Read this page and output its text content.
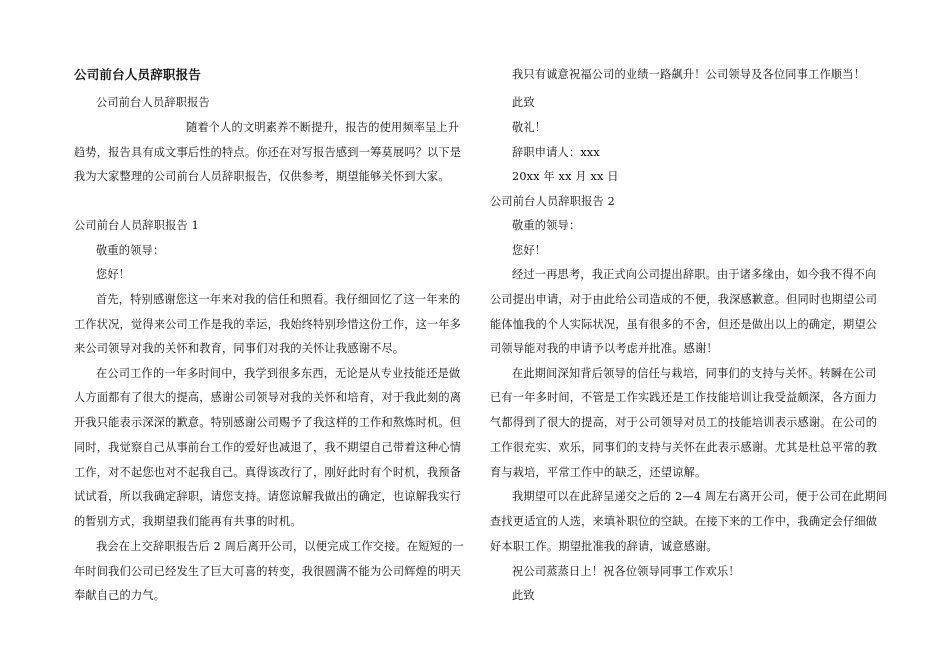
公司前台人员辞职报告
公司前台人员辞职报告
随着个人的文明素养不断提升，报告的使用频率呈上升
趋势，报告具有成文事后性的特点。你还在对写报告感到一筹莫展吗？以下是
我为大家整理的公司前台人员辞职报告，仅供参考，期望能够关怀到大家。
公司前台人员辞职报告 1
敬重的领导：
您好！
首先，特别感谢您这一年来对我的信任和照看。我仔细回忆了这一年来的
工作状况，觉得来公司工作是我的幸运，我始终特别珍惜这份工作，这一年多
来公司领导对我的关怀和教育，同事们对我的关怀让我感谢不尽。
在公司工作的一年多时间中，我学到很多东西，无论是从专业技能还是做
人方面都有了很大的提高，感谢公司领导对我的关怀和培育，对于我此刻的离
开我只能表示深深的歉意。特别感谢公司赐予了我这样的工作和熬炼时机。但
同时，我觉察自己从事前台工作的爱好也减退了，我不期望自己带着这种心情
工作，对不起您也对不起我自己。真得该改行了，刚好此时有个时机，我预备
试试看，所以我确定辞职，请您支持。请您谅解我做出的确定，也谅解我实行
的暂别方式，我期望我们能再有共事的时机。
我会在上交辞职报告后 2 周后离开公司，以便完成工作交接。在短短的一
年时间我们公司已经发生了巨大可喜的转变，我很圆满不能为公司辉煌的明天
奉献自己的力气。
我只有诚意祝福公司的业绩一路飙升！公司领导及各位同事工作顺当！
此致
敬礼！
辞职申请人：xxx
20xx 年 xx 月 xx 日
公司前台人员辞职报告 2
敬重的领导：
您好！
经过一再思考，我正式向公司提出辞职。由于诸多缘由，如今我不得不向
公司提出申请，对于由此给公司造成的不便，我深感歉意。但同时也期望公司
能体恤我的个人实际状况，虽有很多的不舍，但还是做出以上的确定，期望公
司领导能对我的申请予以考虑并批准。感谢！
在此期间深知背后领导的信任与栽培，同事们的支持与关怀。转瞬在公司
已有一年多时间，不管是工作实践还是工作技能培训让我受益颇深，各方面力
气都得到了很大的提高，对于公司领导对员工的技能培训表示感谢。在公司的
工作很充实、欢乐，同事们的支持与关怀在此表示感谢。尤其是杜总平常的教
育与栽培，平常工作中的缺乏，还望谅解。
我期望可以在此辞呈递交之后的 2—4 周左右离开公司，便于公司在此期间
查找更适宜的人选，来填补职位的空缺。在接下来的工作中，我确定会仔细做
好本职工作。期望批准我的辞请，诚意感谢。
祝公司蒸蒸日上！祝各位领导同事工作欢乐！
此致
